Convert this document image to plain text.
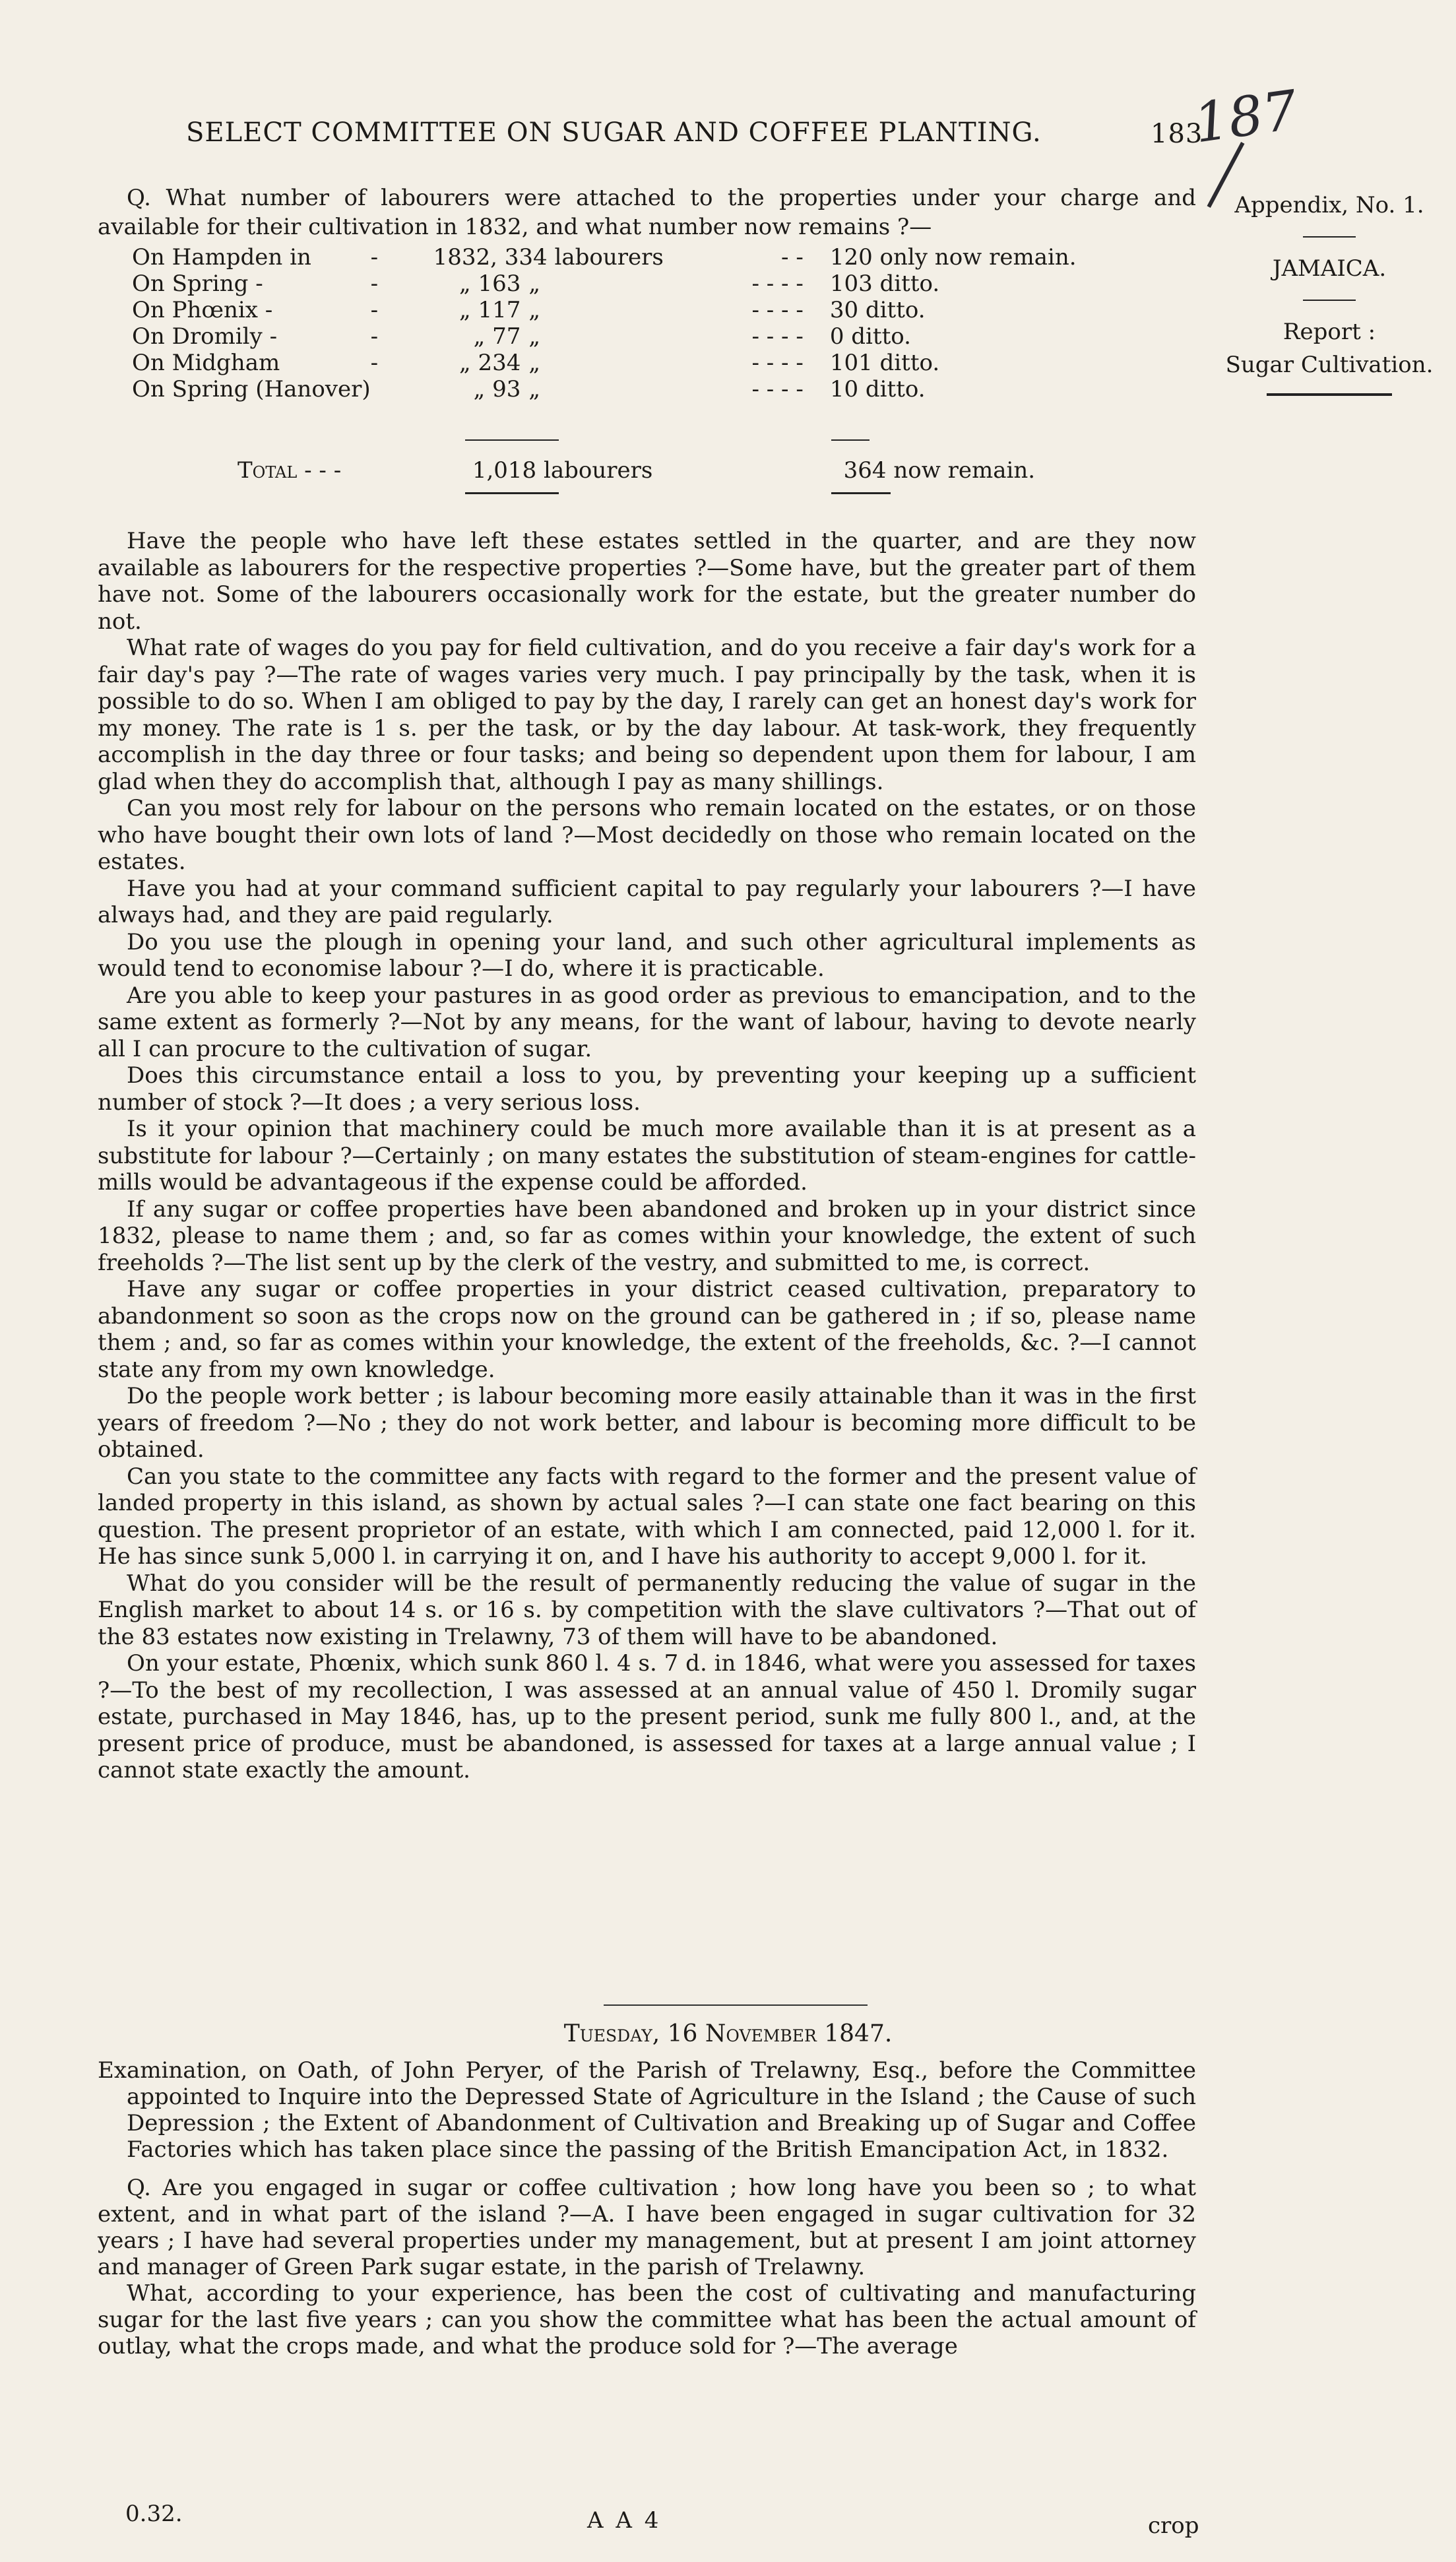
SELECT COMMITTEE ON SUGAR AND COFFEE PLANTING.	183
187
Appendix, No. 1.
JAMAICA.
Report :
Sugar Cultivation.

Q. What number of labourers were attached to the properties under your charge and available for their cultivation in 1832, and what number now remains ?—

On Hampden in	-	1832, 334 labourers		- -	120 only now remain.
On Spring -	-	„ 163	„	- - - -	103 ditto.
On Phœnix -	-	„ 117	„	- - - -	30 ditto.
On Dromily -	-	„ 77	„	- - - -	0 ditto.
On Midgham	-	„ 234	„	- - - -	101 ditto.
On Spring (Hanover)		„ 93	„	- - - -	10 ditto.
Total - - -	1,018 labourers	364 now remain.

Have the people who have left these estates settled in the quarter, and are they now available as labourers for the respective properties ?—Some have, but the greater part of them have not. Some of the labourers occasionally work for the estate, but the greater number do not.

What rate of wages do you pay for field cultivation, and do you receive a fair day's work for a fair day's pay ?—The rate of wages varies very much. I pay principally by the task, when it is possible to do so. When I am obliged to pay by the day, I rarely can get an honest day's work for my money. The rate is 1 s. per the task, or by the day labour. At task-work, they frequently accomplish in the day three or four tasks; and being so dependent upon them for labour, I am glad when they do accomplish that, although I pay as many shillings.

Can you most rely for labour on the persons who remain located on the estates, or on those who have bought their own lots of land ?—Most decidedly on those who remain located on the estates.

Have you had at your command sufficient capital to pay regularly your labourers ?—I have always had, and they are paid regularly.

Do you use the plough in opening your land, and such other agricultural implements as would tend to economise labour ?—I do, where it is practicable.

Are you able to keep your pastures in as good order as previous to emancipation, and to the same extent as formerly ?—Not by any means, for the want of labour, having to devote nearly all I can procure to the cultivation of sugar.

Does this circumstance entail a loss to you, by preventing your keeping up a sufficient number of stock ?—It does ; a very serious loss.

Is it your opinion that machinery could be much more available than it is at present as a substitute for labour ?—Certainly ; on many estates the substitution of steam-engines for cattle-mills would be advantageous if the expense could be afforded.

If any sugar or coffee properties have been abandoned and broken up in your district since 1832, please to name them ; and, so far as comes within your knowledge, the extent of such freeholds ?—The list sent up by the clerk of the vestry, and submitted to me, is correct.

Have any sugar or coffee properties in your district ceased cultivation, preparatory to abandonment so soon as the crops now on the ground can be gathered in ; if so, please name them ; and, so far as comes within your knowledge, the extent of the freeholds, &c. ?—I cannot state any from my own knowledge.

Do the people work better ; is labour becoming more easily attainable than it was in the first years of freedom ?—No ; they do not work better, and labour is becoming more difficult to be obtained.

Can you state to the committee any facts with regard to the former and the present value of landed property in this island, as shown by actual sales ?—I can state one fact bearing on this question. The present proprietor of an estate, with which I am connected, paid 12,000 l. for it. He has since sunk 5,000 l. in carrying it on, and I have his authority to accept 9,000 l. for it.

What do you consider will be the result of permanently reducing the value of sugar in the English market to about 14 s. or 16 s. by competition with the slave cultivators ?—That out of the 83 estates now existing in Trelawny, 73 of them will have to be abandoned.

On your estate, Phœnix, which sunk 860 l. 4 s. 7 d. in 1846, what were you assessed for taxes ?—To the best of my recollection, I was assessed at an annual value of 450 l. Dromily sugar estate, purchased in May 1846, has, up to the present period, sunk me fully 800 l., and, at the present price of produce, must be abandoned, is assessed for taxes at a large annual value ; I cannot state exactly the amount.

Tuesday, 16 November 1847.

Examination, on Oath, of John Peryer, of the Parish of Trelawny, Esq., before the Committee appointed to Inquire into the Depressed State of Agriculture in the Island ; the Cause of such Depression ; the Extent of Abandonment of Cultivation and Breaking up of Sugar and Coffee Factories which has taken place since the passing of the British Emancipation Act, in 1832.

Q. Are you engaged in sugar or coffee cultivation ; how long have you been so ; to what extent, and in what part of the island ?—A. I have been engaged in sugar cultivation for 32 years ; I have had several properties under my management, but at present I am joint attorney and manager of Green Park sugar estate, in the parish of Trelawny.

What, according to your experience, has been the cost of cultivating and manufacturing sugar for the last five years ; can you show the committee what has been the actual amount of outlay, what the crops made, and what the produce sold for ?—The average

0.32.	A A 4	crop
